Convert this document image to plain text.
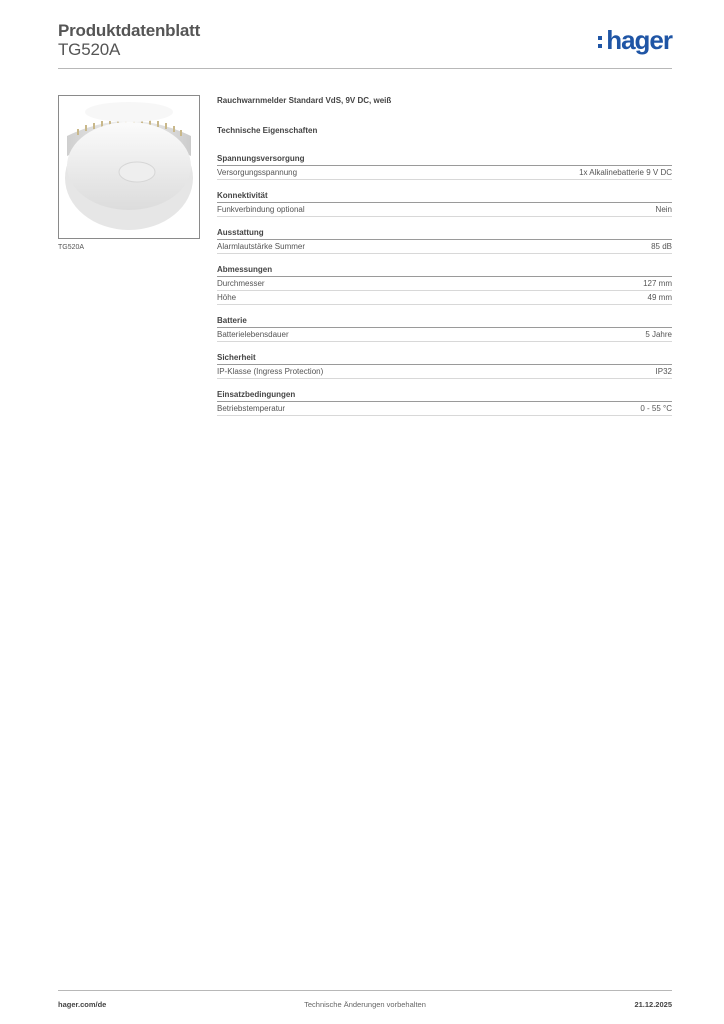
Produktdatenblatt
TG520A	hager
TG520A
Rauchwarnmelder Standard VdS, 9V DC, weiß
Technische Eigenschaften
Spannungsversorgung
Versorgungsspannung	1x Alkalinebatterie 9 V DC
Konnektivität
Funkverbindung optional	Nein
Ausstattung
Alarmlautstärke Summer	85 dB
Abmessungen
Durchmesser	127 mm
Höhe	49 mm
Batterie
Batterielebensdauer	5 Jahre
Sicherheit
IP-Klasse (Ingress Protection)	IP32
Einsatzbedingungen
Betriebstemperatur	0 - 55 °C
hager.com/de	Technische Änderungen vorbehalten	21.12.2025
